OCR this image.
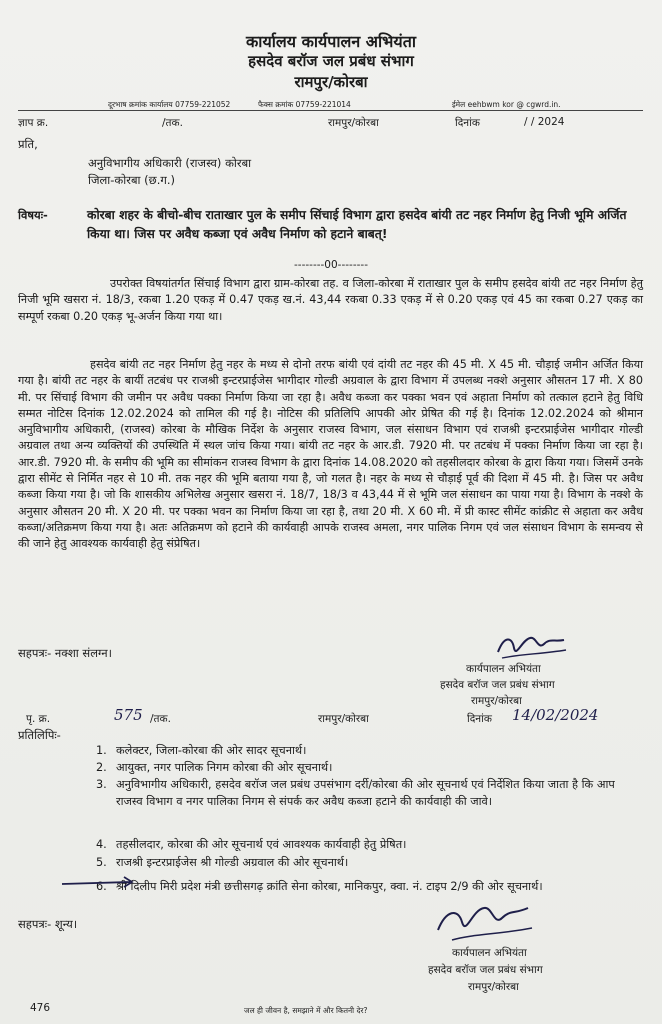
कार्यालय कार्यपालन अभियंता
हसदेव बरॉज जल प्रबंध संभाग
रामपुर/कोरबा
दूरभाष क्रमांक कार्यालय 07759-221052	फैक्स क्रमांक 07759-221014	ईमेल eehbwm kor @ cgwrd.in.
ज्ञाप क्र.	/तक.	रामपुर/कोरबा	दिनांक	/ / 2024
प्रति,
अनुविभागीय अधिकारी (राजस्व) कोरबा
जिला-कोरबा (छ.ग.)
विषयः-	कोरबा शहर के बीचो-बीच राताखार पुल के समीप सिंचाई विभाग द्वारा हसदेव बांयी तट नहर निर्माण हेतु निजी भूमि अर्जित किया था। जिस पर अवैध कब्जा एवं अवैध निर्माण को हटाने बाबत्!
--------00--------
उपरोक्त विषयांतर्गत सिंचाई विभाग द्वारा ग्राम-कोरबा तह. व जिला-कोरबा में राताखार पुल के समीप हसदेव बांयी तट नहर निर्माण हेतु निजी भूमि खसरा नं. 18/3, रकबा 1.20 एकड़ में 0.47 एकड़ ख.नं. 43,44 रकबा 0.33 एकड़ में से 0.20 एकड़ एवं 45 का रकबा 0.27 एकड़ का सम्पूर्ण रकबा 0.20 एकड़ भू-अर्जन किया गया था।
हसदेव बांयी तट नहर निर्माण हेतु नहर के मध्य से दोनो तरफ बांयी एवं दांयी तट नहर की 45 मी. X 45 मी. चौड़ाई जमीन अर्जित किया गया है। बांयी तट नहर के बायीं तटबंध पर राजश्री इन्टरप्राईजेस भागीदार गोल्डी अग्रवाल के द्वारा विभाग में उपलब्ध नक्शे अनुसार औसतन 17 मी. X 80 मी. पर सिंचाई विभाग की जमीन पर अवैध पक्का निर्माण किया जा रहा है। अवैध कब्जा कर पक्का भवन एवं अहाता निर्माण को तत्काल हटाने हेतु विधि सम्मत नोटिस दिनांक 12.02.2024 को तामिल की गई है। नोटिस की प्रतिलिपि आपकी ओर प्रेषित की गई है। दिनांक 12.02.2024 को श्रीमान अनुविभागीय अधिकारी, (राजस्व) कोरबा के मौखिक निर्देश के अनुसार राजस्व विभाग, जल संसाधन विभाग एवं राजश्री इन्टरप्राईजेस भागीदार गोल्डी अग्रवाल तथा अन्य व्यक्तियों की उपस्थिति में स्थल जांच किया गया। बांयी तट नहर के आर.डी. 7920 मी. पर तटबंध में पक्का निर्माण किया जा रहा है। आर.डी. 7920 मी. के समीप की भूमि का सीमांकन राजस्व विभाग के द्वारा दिनांक 14.08.2020 को तहसीलदार कोरबा के द्वारा किया गया। जिसमें उनके द्वारा सीमेंट से निर्मित नहर से 10 मी. तक नहर की भूमि बताया गया है, जो गलत है। नहर के मध्य से चौड़ाई पूर्व की दिशा में 45 मी. है। जिस पर अवैध कब्जा किया गया है। जो कि शासकीय अभिलेख अनुसार खसरा नं. 18/7, 18/3 व 43,44 में से भूमि जल संसाधन का पाया गया है। विभाग के नक्शे के अनुसार औसतन 20 मी. X 20 मी. पर पक्का भवन का निर्माण किया जा रहा है, तथा 20 मी. X 60 मी. में प्री कास्ट सीमेंट कांक्रीट से अहाता कर अवैध कब्जा/अतिक्रमण किया गया है। अतः अतिक्रमण को हटाने की कार्यवाही आपके राजस्व अमला, नगर पालिक निगम एवं जल संसाधन विभाग के समन्वय से की जाने हेतु आवश्यक कार्यवाही हेतु संप्रेषित।
सहपत्रः- नक्शा संलग्न।
कार्यपालन अभियंता
हसदेव बरॉज जल प्रबंध संभाग
रामपुर/कोरबा
पृ. क्र.	575 /तक.	रामपुर/कोरबा	दिनांक 14/02/2024
प्रतिलिपिः-
1. कलेक्टर, जिला-कोरबा की ओर सादर सूचनार्थ।
2. आयुक्त, नगर पालिक निगम कोरबा की ओर सूचनार्थ।
3. अनुविभागीय अधिकारी, हसदेव बरॉज जल प्रबंध उपसंभाग दर्री/कोरबा की ओर सूचनार्थ एवं निर्देशित किया जाता है कि आप राजस्व विभाग व नगर पालिका निगम से संपर्क कर अवैध कब्जा हटाने की कार्यवाही की जावे।
4. तहसीलदार, कोरबा की ओर सूचनार्थ एवं आवश्यक कार्यवाही हेतु प्रेषित।
5. राजश्री इन्टरप्राईजेस श्री गोल्डी अग्रवाल की ओर सूचनार्थ।
6. श्री दिलीप मिरी प्रदेश मंत्री छत्तीसगढ़ क्रांति सेना कोरबा, मानिकपुर, क्वा. नं. टाइप 2/9 की ओर सूचनार्थ।
सहपत्रः- शून्य।
कार्यपालन अभियंता
हसदेव बरॉज जल प्रबंध संभाग
रामपुर/कोरबा
476	जल ही जीवन है, समझाने में और कितनी देर?
